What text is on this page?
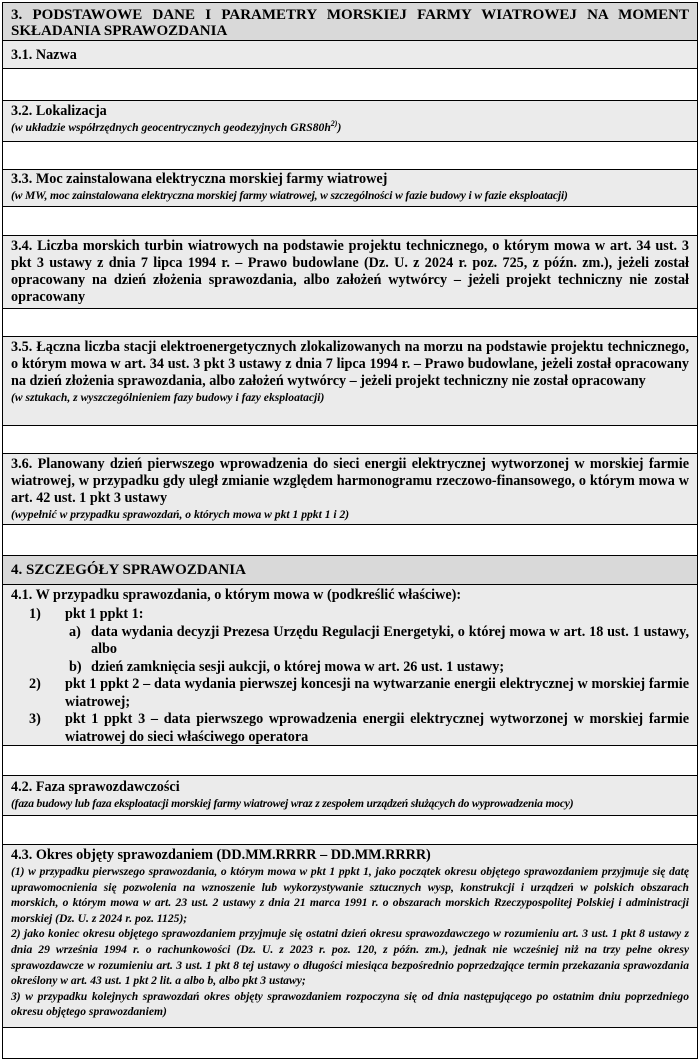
3. PODSTAWOWE DANE I PARAMETRY MORSKIEJ FARMY WIATROWEJ NA MOMENT SKŁADANIA SPRAWOZDANIA
3.1. Nazwa
3.2. Lokalizacja
(w układzie współrzędnych geocentrycznych geodezyjnych $GRS80h^{2)}$)
3.3. Moc zainstalowana elektryczna morskiej farmy wiatrowej
(w MW, moc zainstalowana elektryczna morskiej farmy wiatrowej, w szczególności w fazie budowy i w fazie eksploatacji)
3.4. Liczba morskich turbin wiatrowych na podstawie projektu technicznego, o którym mowa w art. 34 ust. 3 pkt 3 ustawy z dnia 7 lipca 1994 r. – Prawo budowlane (Dz. U. z 2024 r. poz. 725, z późn. zm.), jeżeli został opracowany na dzień złożenia sprawozdania, albo założeń wytwórcy – jeżeli projekt techniczny nie został opracowany
3.5. Łączna liczba stacji elektroenergetycznych zlokalizowanych na morzu na podstawie projektu technicznego, o którym mowa w art. 34 ust. 3 pkt 3 ustawy z dnia 7 lipca 1994 r. – Prawo budowlane, jeżeli został opracowany na dzień złożenia sprawozdania, albo założeń wytwórcy – jeżeli projekt techniczny nie został opracowany
(w sztukach, z wyszczególnieniem fazy budowy i fazy eksploatacji)
3.6. Planowany dzień pierwszego wprowadzenia do sieci energii elektrycznej wytworzonej w morskiej farmie wiatrowej, w przypadku gdy uległ zmianie względem harmonogramu rzeczowo-finansowego, o którym mowa w art. 42 ust. 1 pkt 3 ustawy
(wypełnić w przypadku sprawozdań, o których mowa w pkt 1 ppkt 1 i 2)
4. SZCZEGÓŁY SPRAWOZDANIA
4.1. W przypadku sprawozdania, o którym mowa w (podkreślić właściwe):
1)	pkt 1 ppkt 1:
a) data wydania decyzji Prezesa Urzędu Regulacji Energetyki, o której mowa w art. 18 ust. 1 ustawy, albo
b) dzień zamknięcia sesji aukcji, o której mowa w art. 26 ust. 1 ustawy;
2)	pkt 1 ppkt 2 – data wydania pierwszej koncesji na wytwarzanie energii elektrycznej w morskiej farmie wiatrowej;
3)	pkt 1 ppkt 3 – data pierwszego wprowadzenia energii elektrycznej wytworzonej w morskiej farmie wiatrowej do sieci właściwego operatora
4.2. Faza sprawozdawczości
(faza budowy lub faza eksploatacji morskiej farmy wiatrowej wraz z zespołem urządzeń służących do wyprowadzenia mocy)
4.3. Okres objęty sprawozdaniem (DD.MM.RRRR – DD.MM.RRRR)
(1) w przypadku pierwszego sprawozdania, o którym mowa w pkt 1 ppkt 1, jako początek okresu objętego sprawozdaniem przyjmuje się datę uprawomocnienia się pozwolenia na wznoszenie lub wykorzystywanie sztucznych wysp, konstrukcji i urządzeń w polskich obszarach morskich, o którym mowa w art. 23 ust. 2 ustawy z dnia 21 marca 1991 r. o obszarach morskich Rzeczypospolitej Polskiej i administracji morskiej (Dz. U. z 2024 r. poz. 1125);
2) jako koniec okresu objętego sprawozdaniem przyjmuje się ostatni dzień okresu sprawozdawczego w rozumieniu art. 3 ust. 1 pkt 8 ustawy z dnia 29 września 1994 r. o rachunkowości (Dz. U. z 2023 r. poz. 120, z późn. zm.), jednak nie wcześniej niż na trzy pełne okresy sprawozdawcze w rozumieniu art. 3 ust. 1 pkt 8 tej ustawy o długości miesiąca bezpośrednio poprzedzające termin przekazania sprawozdania określony w art. 43 ust. 1 pkt 2 lit. a albo b, albo pkt 3 ustawy;
3) w przypadku kolejnych sprawozdań okres objęty sprawozdaniem rozpoczyna się od dnia następującego po ostatnim dniu poprzedniego okresu objętego sprawozdaniem)
